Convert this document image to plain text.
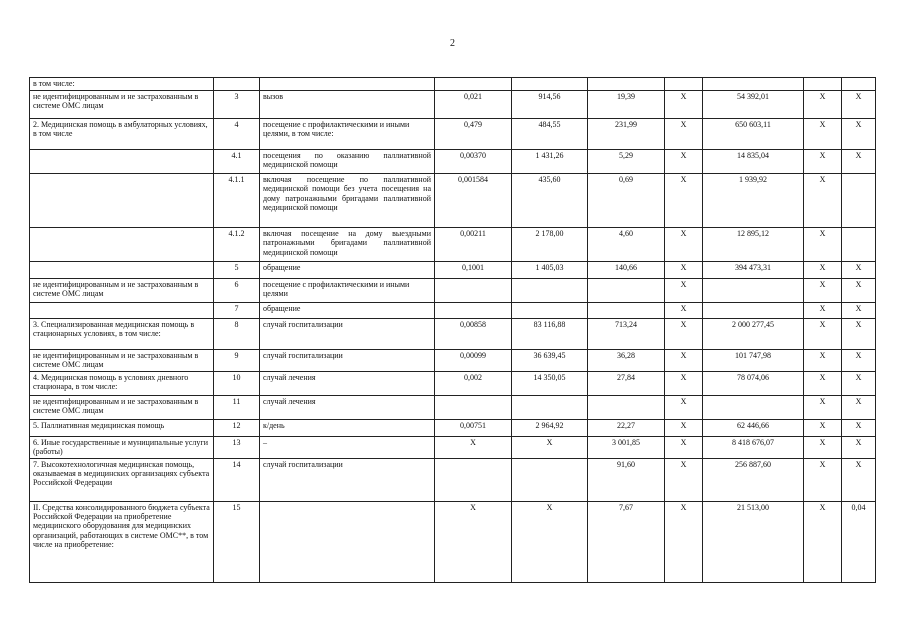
2
в том числе:									
не идентифицированным и не застрахованным в системе ОМС лицам	3	вызов	0,021	914,56	19,39	X	54 392,01	X	X
2. Медицинская помощь в амбулаторных условиях, в том числе	4	посещение с профилактическими и иными целями, в том числе:	0,479	484,55	231,99	X	650 603,11	X	X
	4.1	посещения по оказанию паллиативной медицинской помощи	0,00370	1 431,26	5,29	X	14 835,04	X	X
	4.1.1	включая посещение по паллиативной медицинской помощи без учета посещения на дому патронажными бригадами паллиативной медицинской помощи	0,001584	435,60	0,69	X	1 939,92	X	
	4.1.2	включая посещение на дому выездными патронажными бригадами паллиативной медицинской помощи	0,00211	2 178,00	4,60	X	12 895,12	X	
	5	обращение	0,1001	1 405,03	140,66	X	394 473,31	X	X
не идентифицированным и не застрахованным в системе ОМС лицам	6	посещение с профилактическими и иными целями				X		X	X
	7	обращение				X		X	X
3. Специализированная медицинская помощь в стационарных условиях, в том числе:	8	случай госпитализации	0,00858	83 116,88	713,24	X	2 000 277,45	X	X
не идентифицированным и не застрахованным в системе ОМС лицам	9	случай госпитализации	0,00099	36 639,45	36,28	X	101 747,98	X	X
4. Медицинская помощь в условиях дневного стационара, в том числе:	10	случай лечения	0,002	14 350,05	27,84	X	78 074,06	X	X
не идентифицированным и не застрахованным в системе ОМС лицам	11	случай лечения				X		X	X
5. Паллиативная медицинская помощь	12	к/день	0,00751	2 964,92	22,27	X	62 446,66	X	X
6. Иные государственные и муниципальные услуги (работы)	13	–	X	X	3 001,85	X	8 418 676,07	X	X
7. Высокотехнологичная медицинская помощь, оказываемая в медицинских организациях субъекта Российской Федерации	14	случай госпитализации			91,60	X	256 887,60	X	X
II. Средства консолидированного бюджета субъекта Российской Федерации на приобретение медицинского оборудования для медицинских организаций, работающих в системе ОМС**, в том числе на приобретение:	15		X	X	7,67	X	21 513,00	X	0,04
